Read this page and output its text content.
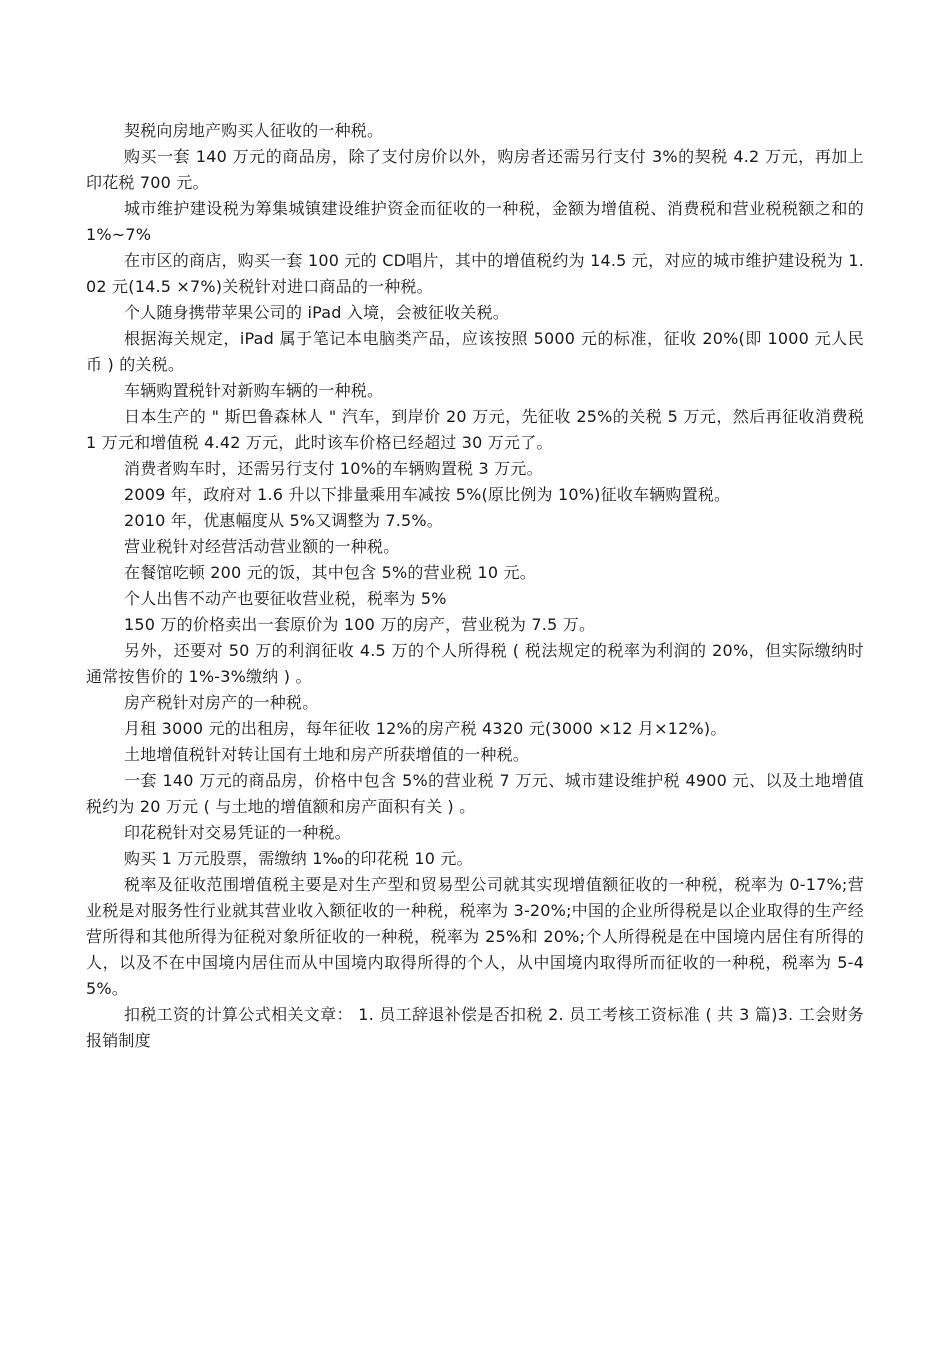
契税向房地产购买人征收的一种税。

购买一套 140 万元的商品房，除了支付房价以外，购房者还需另行支付 3%的契税 4.2 万元，再加上印花税 700 元。

城市维护建设税为筹集城镇建设维护资金而征收的一种税，金额为增值税、消费税和营业税税额之和的 1%~7%

在市区的商店，购买一套 100 元的 CD唱片，其中的增值税约为 14.5 元，对应的城市维护建设税为 1.02 元(14.5 ×7%)关税针对进口商品的一种税。

个人随身携带苹果公司的 iPad 入境，会被征收关税。

根据海关规定，iPad 属于笔记本电脑类产品，应该按照 5000 元的标准，征收 20%(即 1000 元人民币 ) 的关税。

车辆购置税针对新购车辆的一种税。

日本生产的 " 斯巴鲁森林人 " 汽车，到岸价 20 万元，先征收 25%的关税 5 万元，然后再征收消费税 1 万元和增值税 4.42 万元，此时该车价格已经超过 30 万元了。

消费者购车时，还需另行支付 10%的车辆购置税 3 万元。

2009 年，政府对 1.6 升以下排量乘用车减按 5%(原比例为 10%)征收车辆购置税。

2010 年，优惠幅度从 5%又调整为 7.5%。

营业税针对经营活动营业额的一种税。

在餐馆吃顿 200 元的饭，其中包含 5%的营业税 10 元。

个人出售不动产也要征收营业税，税率为 5%

150 万的价格卖出一套原价为 100 万的房产，营业税为 7.5 万。

另外，还要对 50 万的利润征收 4.5 万的个人所得税 ( 税法规定的税率为利润的 20%，但实际缴纳时通常按售价的 1%-3%缴纳 ) 。

房产税针对房产的一种税。

月租 3000 元的出租房，每年征收 12%的房产税 4320 元(3000 ×12 月×12%)。

土地增值税针对转让国有土地和房产所获增值的一种税。

一套 140 万元的商品房，价格中包含 5%的营业税 7 万元、城市建设维护税 4900 元、以及土地增值税约为 20 万元 ( 与土地的增值额和房产面积有关 ) 。

印花税针对交易凭证的一种税。

购买 1 万元股票，需缴纳 1‰的印花税 10 元。

税率及征收范围增值税主要是对生产型和贸易型公司就其实现增值额征收的一种税，税率为 0-17%;营业税是对服务性行业就其营业收入额征收的一种税，税率为 3-20%;中国的企业所得税是以企业取得的生产经营所得和其他所得为征税对象所征收的一种税，税率为 25%和 20%;个人所得税是在中国境内居住有所得的人，以及不在中国境内居住而从中国境内取得所得的个人，从中国境内取得所而征收的一种税，税率为 5-45%。

扣税工资的计算公式相关文章： 1. 员工辞退补偿是否扣税 2. 员工考核工资标准 ( 共 3 篇)3. 工会财务报销制度
